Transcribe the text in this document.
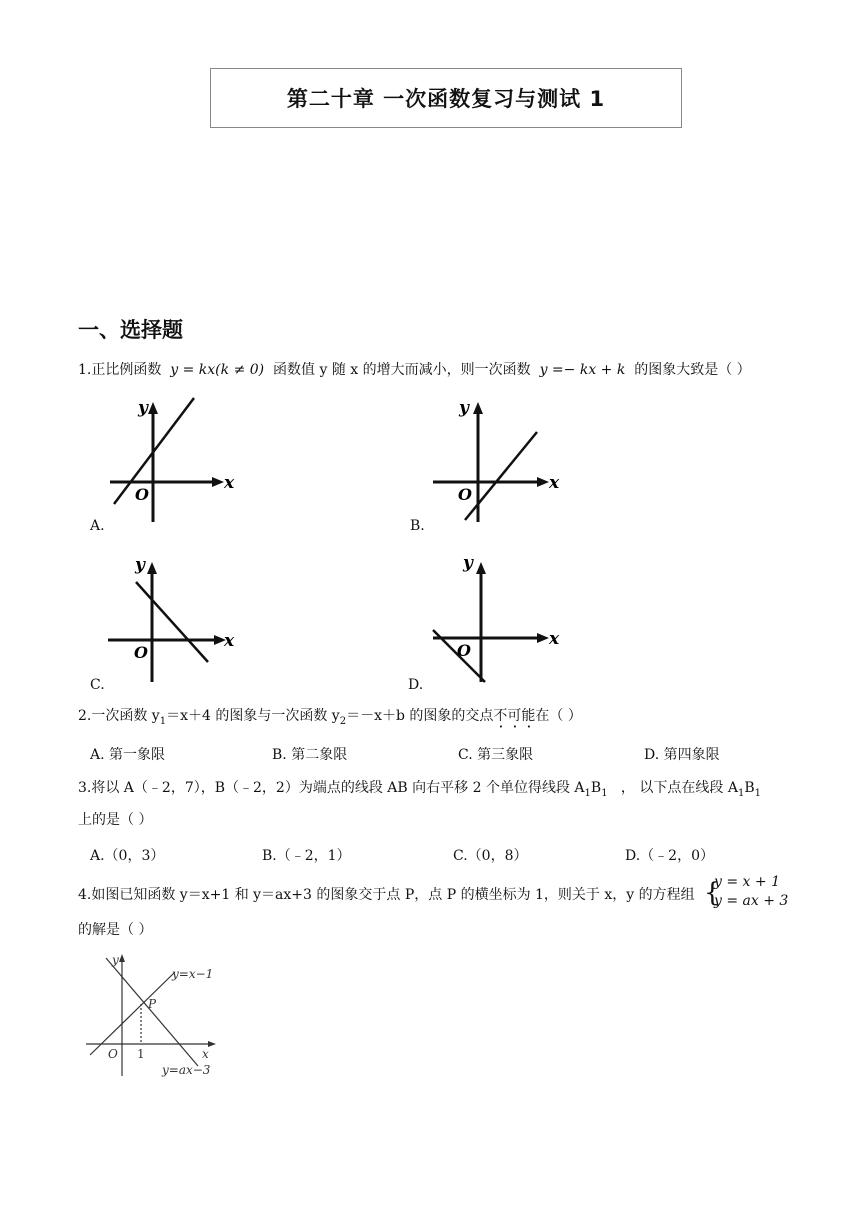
第二十章 一次函数复习与测试 1
一、选择题
1.正比例函数 y = kx(k ≠ 0) 函数值 y 随 x 的增大而减小，则一次函数 y =− kx + k 的图象大致是（ ）
y
x
O
A.
y
x
O
B.
y
x
O
C.
y
x
O
D.
2.一次函数 $y_1=x+4$ 的图象与一次函数 $y_2=-x+b$ 的图象的交点不可能在（ ）
A. 第一象限	B. 第二象限	C. 第三象限	D. 第四象限
3.将以 A（﹣2，7），B（﹣2，2）为端点的线段 AB 向右平移 2 个单位得线段 $A_1B_1$ ， 以下点在线段 $A_1B_1$
上的是（ ）
A.（0，3）	B.（﹣2，1）	C.（0，8）	D.（﹣2，0）
4.如图已知函数 y＝x+1 和 y＝ax+3 的图象交于点 P，点 P 的横坐标为 1，则关于 x，y 的方程组 {
y = x + 1
y = ax + 3
的解是（ ）
y
x
O 1
P
y=x−1
y=ax−3
